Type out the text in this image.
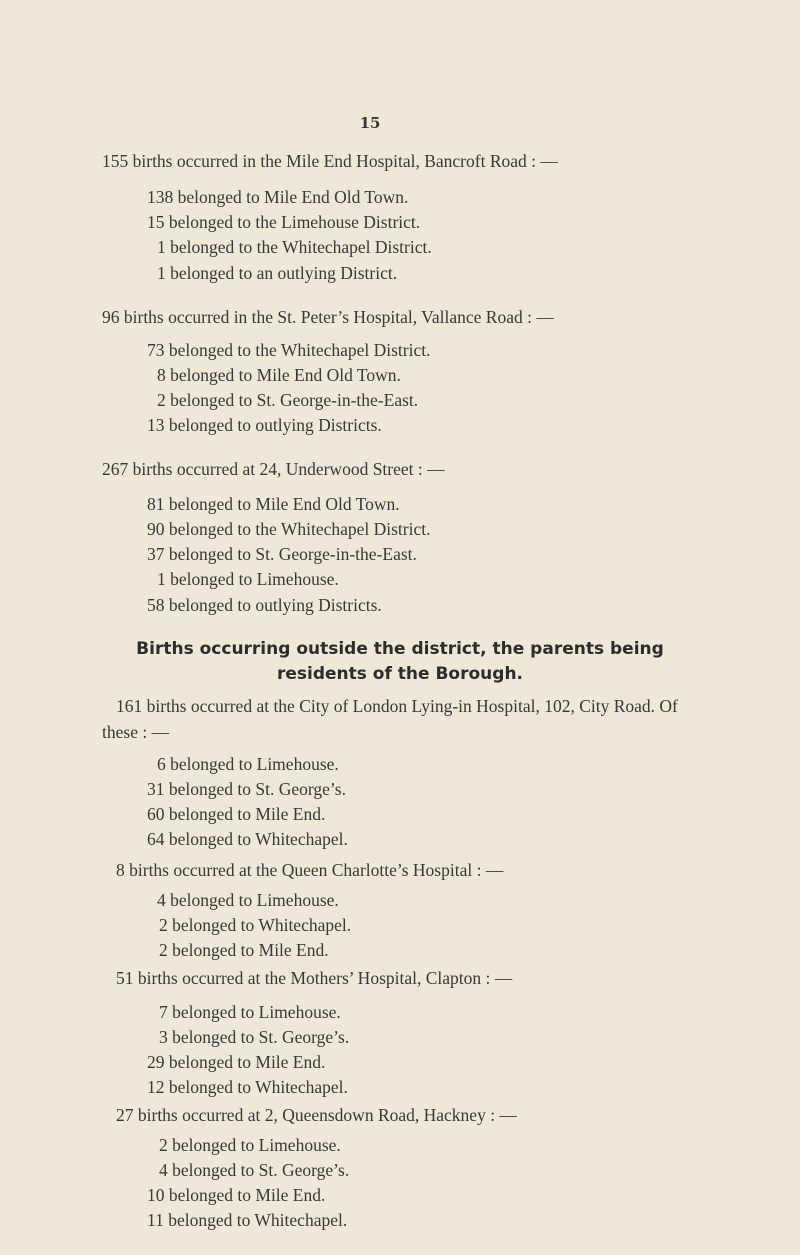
15
155 births occurred in the Mile End Hospital, Bancroft Road : —
138 belonged to Mile End Old Town.
15 belonged to the Limehouse District.
1 belonged to the Whitechapel District.
1 belonged to an outlying District.
96 births occurred in the St. Peter’s Hospital, Vallance Road : —
73 belonged to the Whitechapel District.
8 belonged to Mile End Old Town.
2 belonged to St. George-in-the-East.
13 belonged to outlying Districts.
267 births occurred at 24, Underwood Street : —
81 belonged to Mile End Old Town.
90 belonged to the Whitechapel District.
37 belonged to St. George-in-the-East.
1 belonged to Limehouse.
58 belonged to outlying Districts.
Births occurring outside the district, the parents being
residents of the Borough.

161 births occurred at the City of London Lying-in Hospital, 102, City Road. Of these : —

6 belonged to Limehouse.
31 belonged to St. George’s.
60 belonged to Mile End.
64 belonged to Whitechapel.
8 births occurred at the Queen Charlotte’s Hospital : —
4 belonged to Limehouse.
2 belonged to Whitechapel.
2 belonged to Mile End.
51 births occurred at the Mothers’ Hospital, Clapton : —
7 belonged to Limehouse.
3 belonged to St. George’s.
29 belonged to Mile End.
12 belonged to Whitechapel.
27 births occurred at 2, Queensdown Road, Hackney : —
2 belonged to Limehouse.
4 belonged to St. George’s.
10 belonged to Mile End.
11 belonged to Whitechapel.
